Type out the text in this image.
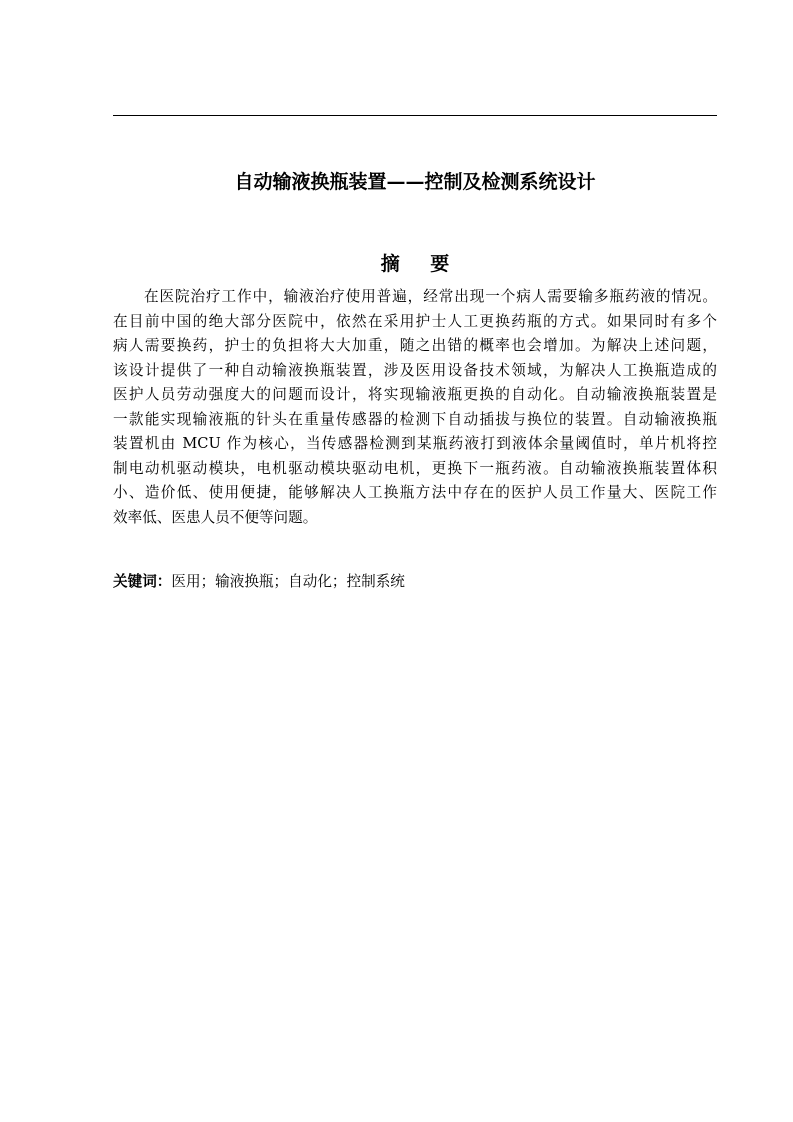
自动输液换瓶装置——控制及检测系统设计
摘 要
在医院治疗工作中，输液治疗使用普遍，经常出现一个病人需要输多瓶药液的情况。
在目前中国的绝大部分医院中，依然在采用护士人工更换药瓶的方式。如果同时有多个
病人需要换药，护士的负担将大大加重，随之出错的概率也会增加。为解决上述问题，
该设计提供了一种自动输液换瓶装置，涉及医用设备技术领域，为解决人工换瓶造成的
医护人员劳动强度大的问题而设计，将实现输液瓶更换的自动化。自动输液换瓶装置是
一款能实现输液瓶的针头在重量传感器的检测下自动插拔与换位的装置。自动输液换瓶
装置机由 MCU 作为核心，当传感器检测到某瓶药液打到液体余量阈值时，单片机将控
制电动机驱动模块，电机驱动模块驱动电机，更换下一瓶药液。自动输液换瓶装置体积
小、造价低、使用便捷，能够解决人工换瓶方法中存在的医护人员工作量大、医院工作
效率低、医患人员不便等问题。
关键词：医用；输液换瓶；自动化；控制系统
